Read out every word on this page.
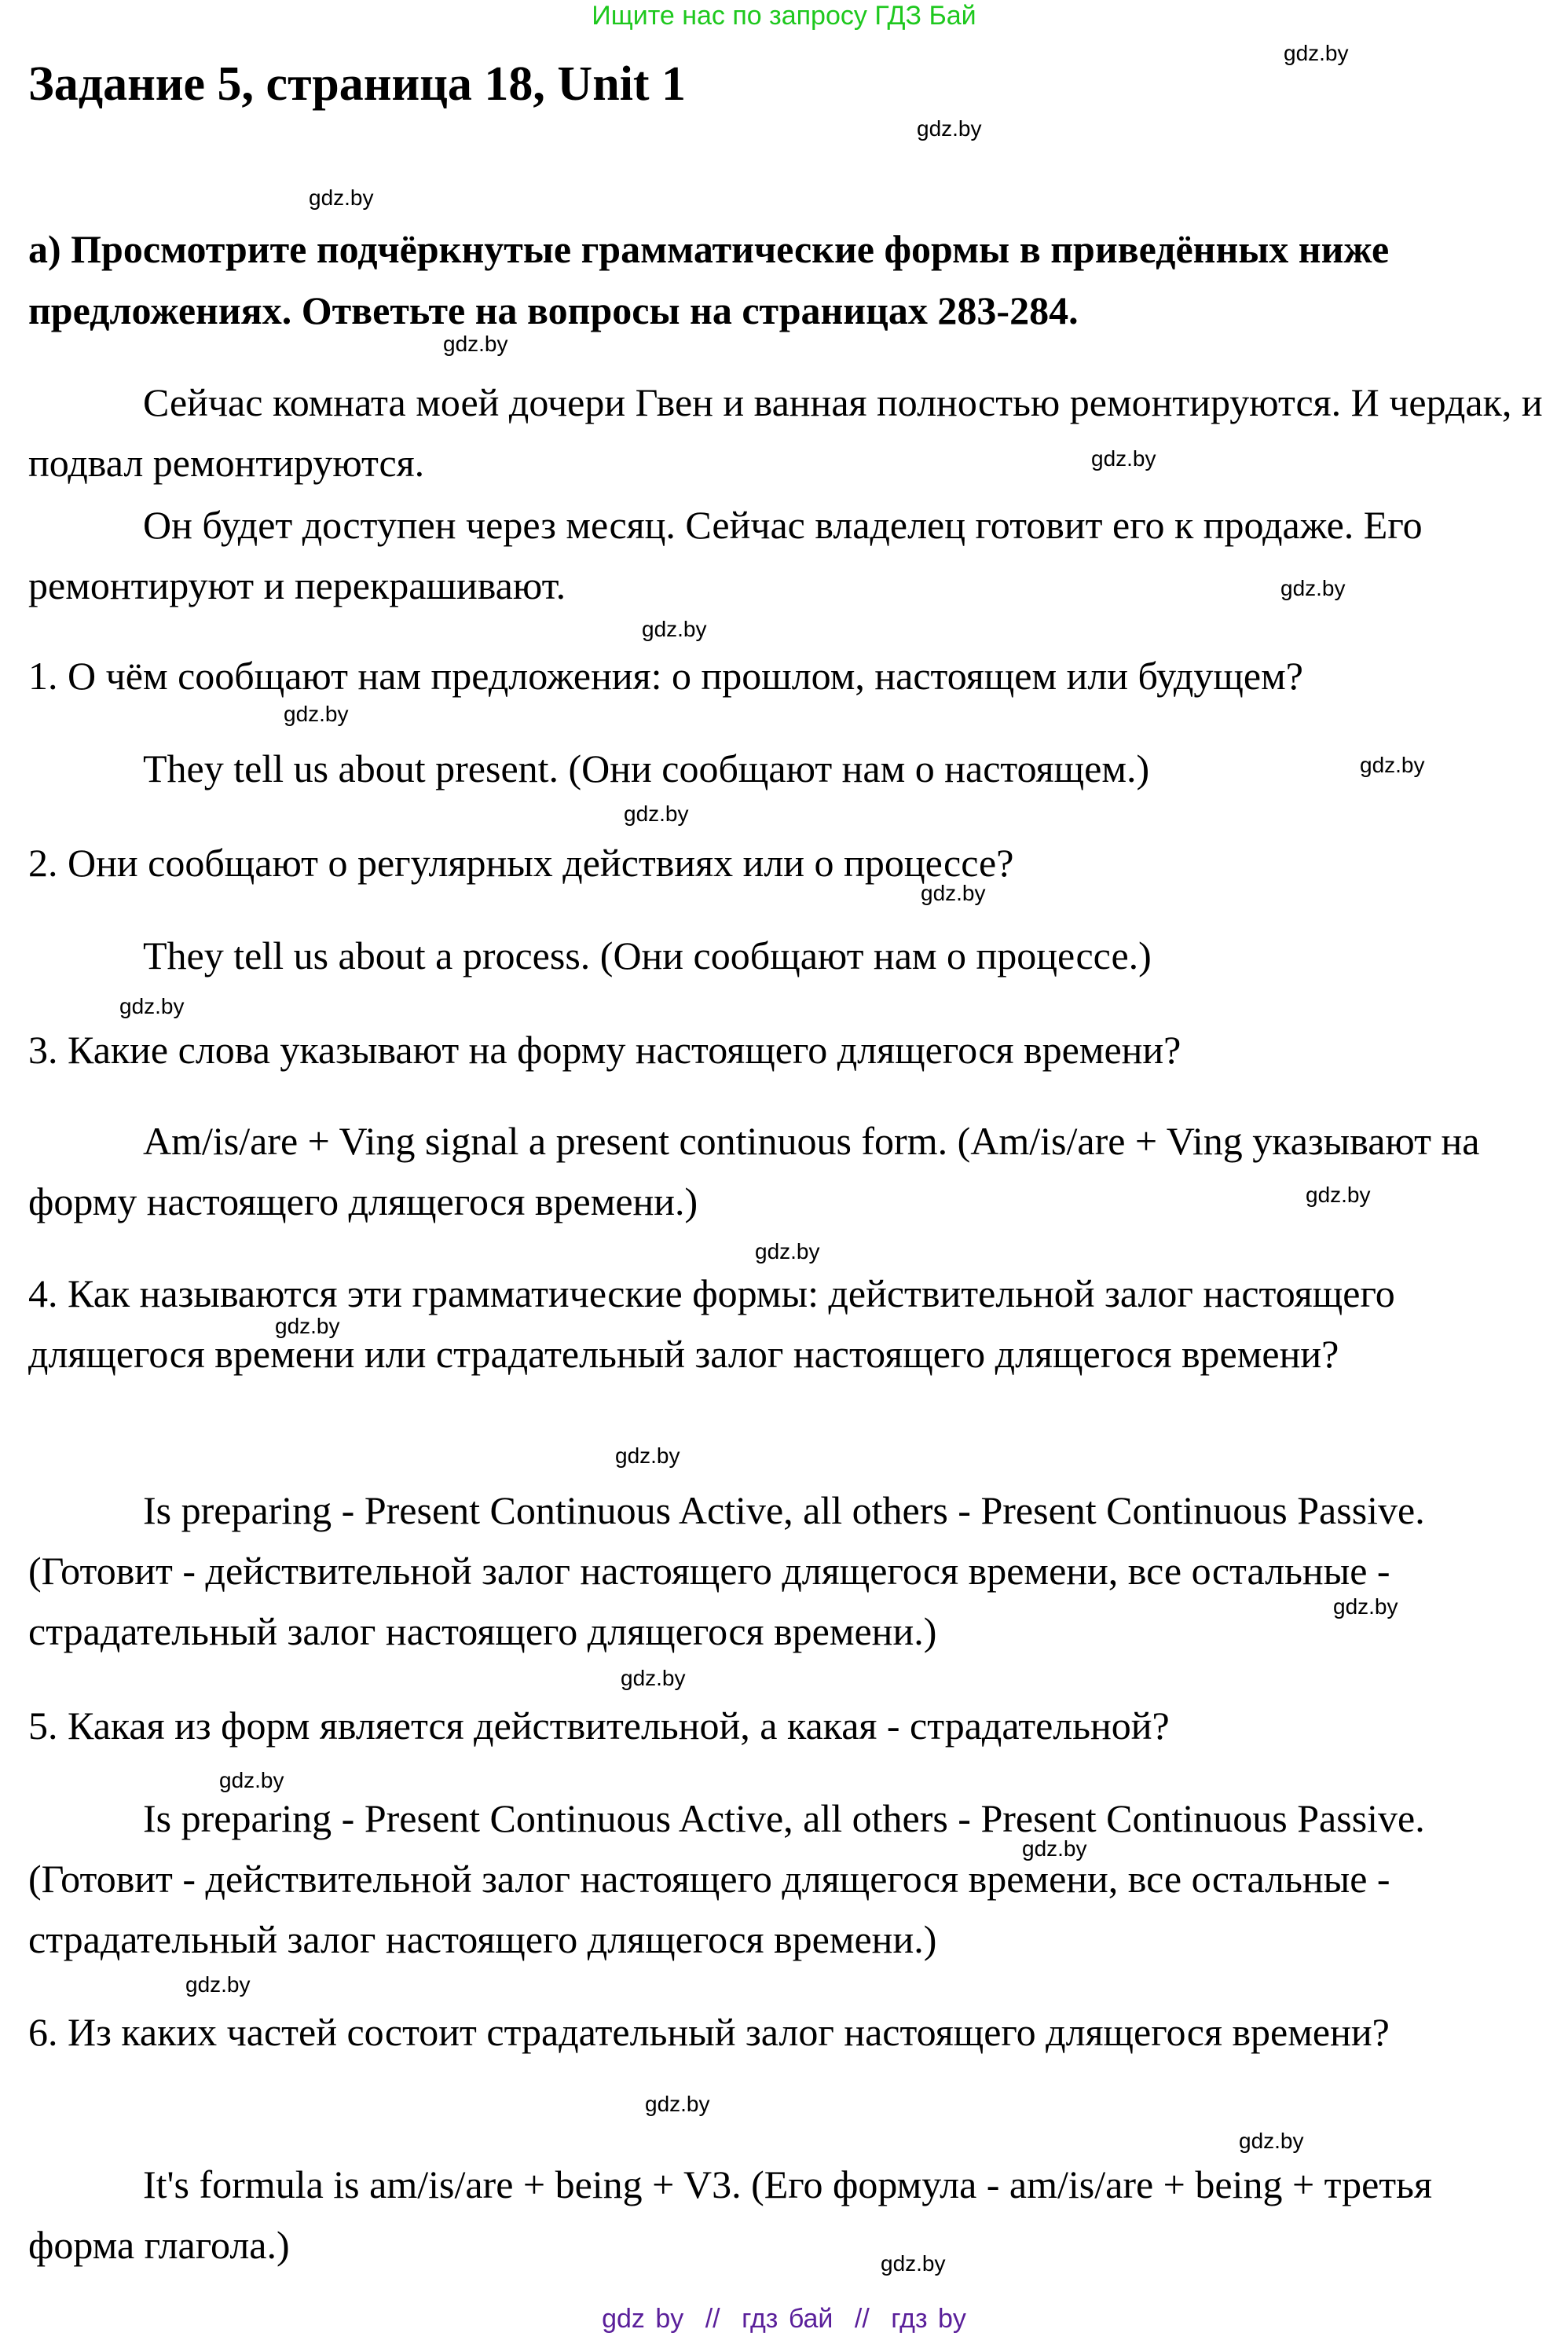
Ищите нас по запросу ГДЗ Бай
Задание 5, страница 18, Unit 1
а) Просмотрите подчёркнутые грамматические формы в приведённых ниже предложениях. Ответьте на вопросы на страницах 283-284.
Сейчас комната моей дочери Гвен и ванная полностью ремонтируются. И чердак, и подвал ремонтируются.
Он будет доступен через месяц. Сейчас владелец готовит его к продаже. Его ремонтируют и перекрашивают.
1. О чём сообщают нам предложения: о прошлом, настоящем или будущем?
They tell us about present. (Они сообщают нам о настоящем.)
2. Они сообщают о регулярных действиях или о процессе?
They tell us about a process. (Они сообщают нам о процессе.)
3. Какие слова указывают на форму настоящего длящегося времени?
Am/is/are + Ving signal a present continuous form. (Am/is/are + Ving указывают на форму настоящего длящегося времени.)
4. Как называются эти грамматические формы: действительной залог настоящего длящегося времени или страдательный залог настоящего длящегося времени?
Is preparing - Present Continuous Active, all others - Present Continuous Passive. (Готовит - действительной залог настоящего длящегося времени, все остальные - страдательный залог настоящего длящегося времени.)
5. Какая из форм является действительной, а какая - страдательной?
Is preparing - Present Continuous Active, all others - Present Continuous Passive. (Готовит - действительной залог настоящего длящегося времени, все остальные - страдательный залог настоящего длящегося времени.)
6. Из каких частей состоит страдательный залог настоящего длящегося времени?
It's formula is am/is/are + being + V3. (Его формула - am/is/are + being + третья форма глагола.)
gdz.by
gdz.by
gdz.by
gdz.by
gdz.by
gdz.by
gdz.by
gdz.by
gdz.by
gdz.by
gdz.by
gdz.by
gdz.by
gdz.by
gdz.by
gdz.by
gdz.by
gdz.by
gdz.by
gdz.by
gdz.by
gdz.by
gdz.by
gdz.by
gdz by // гдз бай // гдз by
